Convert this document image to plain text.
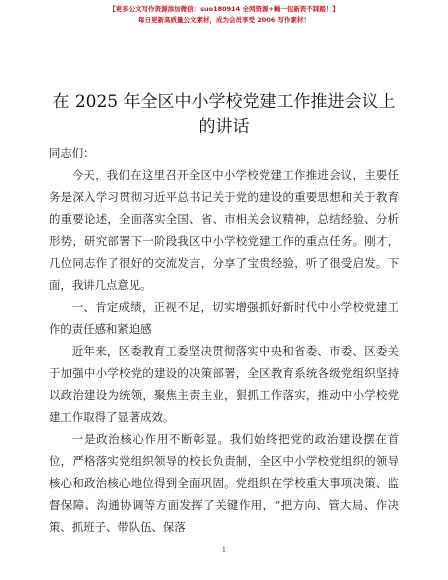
【更多公文写作资源添加微信：suo180914 全网资源+蝇一包新资不踩踏！】
每日更新高质量公文素材，成为会员享受 2006 写作素材！
在 2025 年全区中小学校党建工作推进会议上的讲话

同志们：

今天，我们在这里召开全区中小学校党建工作推进会议，主要任务是深入学习贯彻习近平总书记关于党的建设的重要思想和关于教育的重要论述，全面落实全国、省、市相关会议精神，总结经验、分析形势，研究部署下一阶段我区中小学校党建工作的重点任务。刚才，几位同志作了很好的交流发言，分享了宝贵经验，听了很受启发。下面，我讲几点意见。

一、肯定成绩，正视不足，切实增强抓好新时代中小学校党建工作的责任感和紧迫感

近年来，区委教育工委坚决贯彻落实中央和省委、市委、区委关于加强中小学校党的建设的决策部署，全区教育系统各级党组织坚持以政治建设为统领，聚焦主责主业，狠抓工作落实，推动中小学校党建工作取得了显著成效。

一是政治核心作用不断彰显。我们始终把党的政治建设摆在首位，严格落实党组织领导的校长负责制，全区中小学校党组织的领导核心和政治核心地位得到全面巩固。党组织在学校重大事项决策、监督保障、沟通协调等方面发挥了关键作用，“把方向、管大局、作决策、抓班子、带队伍、保落

1
